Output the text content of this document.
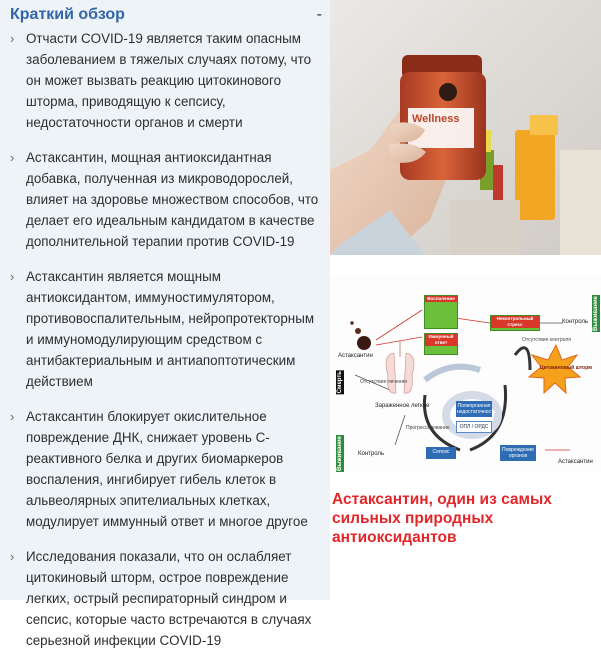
Краткий обзор	-
› Отчасти COVID-19 является таким опасным заболеванием в тяжелых случаях потому, что он может вызвать реакцию цитокинового шторма, приводящую к сепсису, недостаточности органов и смерти
› Астаксантин, мощная антиоксидантная добавка, полученная из микроводорослей, влияет на здоровье множеством способов, что делает его идеальным кандидатом в качестве дополнительной терапии против COVID-19
› Астаксантин является мощным антиоксидантом, иммуностимулятором, противовоспалительным, нейропротекторным и иммуномодулирующим средством с антибактериальным и антиапоптотическим действием
› Астаксантин блокирует окислительное повреждение ДНК, снижает уровень С-реактивного белка и других биомаркеров воспаления, ингибирует гибель клеток в альвеолярных эпителиальных клетках, модулирует иммунный ответ и многое другое
› Исследования показали, что он ослабляет цитокиновый шторм, острое повреждение легких, острый респираторный синдром и сепсис, которые часто встречаются в случаях серьезной инфекции COVID-19
Wellness
Смерть
Выживание
Выживание
Астаксантин
Астаксантин
Зараженное легкое
Контроль
Контроль
Отсутствие лечения
Отсутствие контроля
Прогрессирование
Воспаление
Иммунный ответ
Неконтрольный стресс
Цитокиновый шторм
Полиорганная недостаточность
ОПЛ / ОРДС
Сепсис	Повреждение органов

Астаксантин, один из самых сильных природных антиоксидантов
